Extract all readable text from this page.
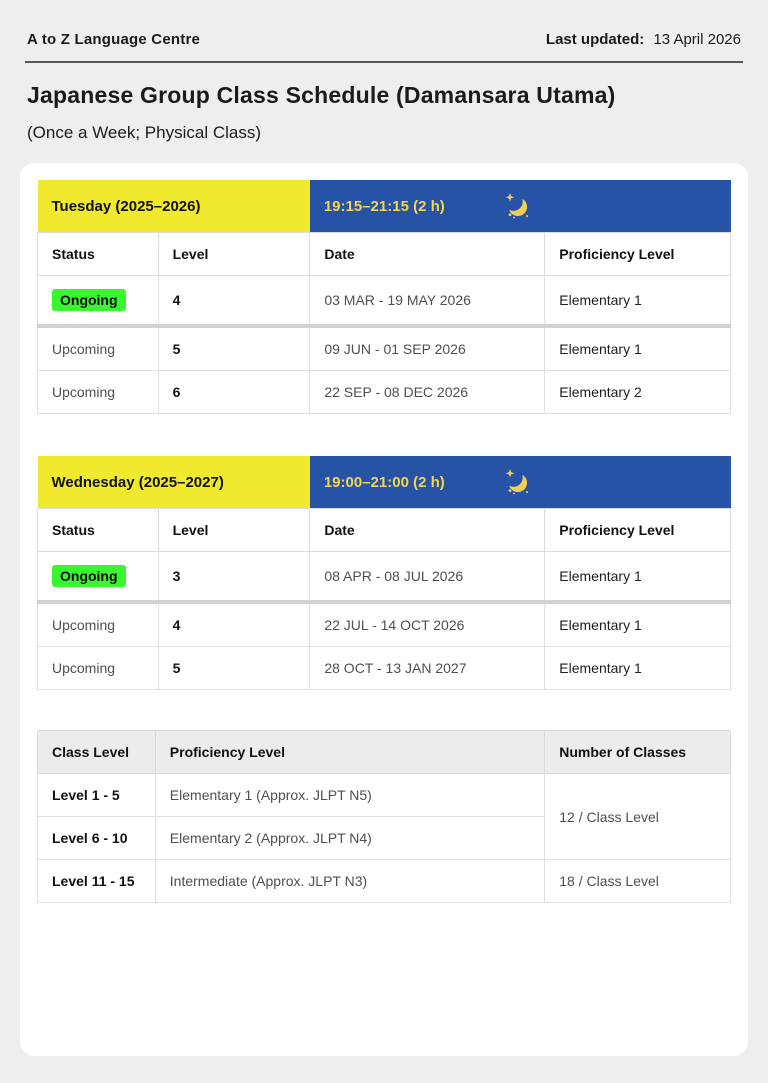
A to Z Language Centre	Last updated: 13 April 2026
Japanese Group Class Schedule (Damansara Utama)
(Once a Week; Physical Class)
Tuesday (2025–2026)		19:15–21:15 (2 h)	

Status	Level	Date	Proficiency Level
Ongoing	4	03 MAR - 19 MAY 2026	Elementary 1
Upcoming	5	09 JUN - 01 SEP 2026	Elementary 1
Upcoming	6	22 SEP - 08 DEC 2026	Elementary 2
Wednesday (2025–2027)		19:00–21:00 (2 h)	

Status	Level	Date	Proficiency Level
Ongoing	3	08 APR - 08 JUL 2026	Elementary 1
Upcoming	4	22 JUL - 14 OCT 2026	Elementary 1
Upcoming	5	28 OCT - 13 JAN 2027	Elementary 1
Class Level	Proficiency Level	Number of Classes
Level 1 - 5	Elementary 1 (Approx. JLPT N5)	12 / Class Level
Level 6 - 10	Elementary 2 (Approx. JLPT N4)	
Level 11 - 15	Intermediate (Approx. JLPT N3)	18 / Class Level
